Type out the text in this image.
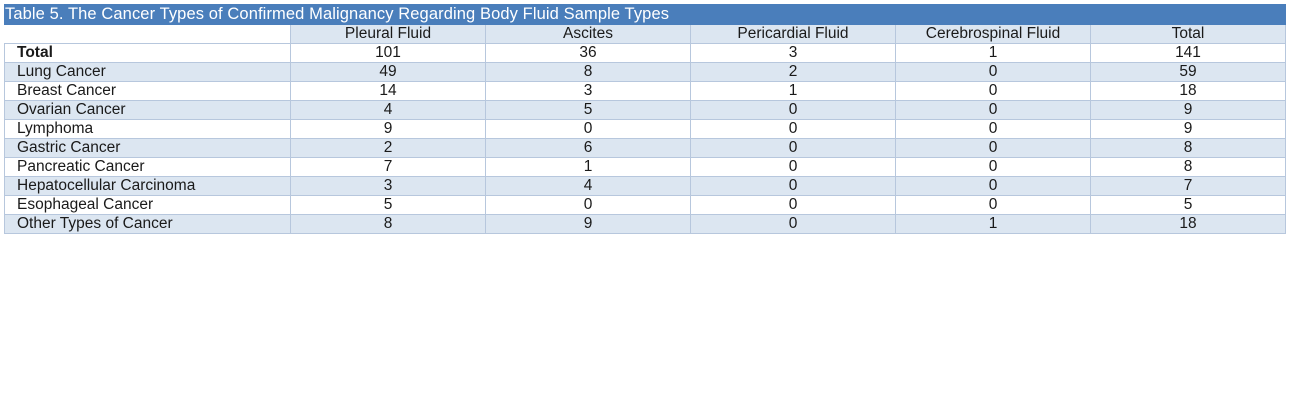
Table 5. The Cancer Types of Confirmed Malignancy Regarding Body Fluid Sample Types					
	Pleural Fluid	Ascites	Pericardial Fluid	Cerebrospinal Fluid	Total
Total	101	36	3	1	141
Lung Cancer	49	8	2	0	59
Breast Cancer	14	3	1	0	18
Ovarian Cancer	4	5	0	0	9
Lymphoma	9	0	0	0	9
Gastric Cancer	2	6	0	0	8
Pancreatic Cancer	7	1	0	0	8
Hepatocellular Carcinoma	3	4	0	0	7
Esophageal Cancer	5	0	0	0	5
Other Types of Cancer	8	9	0	1	18
